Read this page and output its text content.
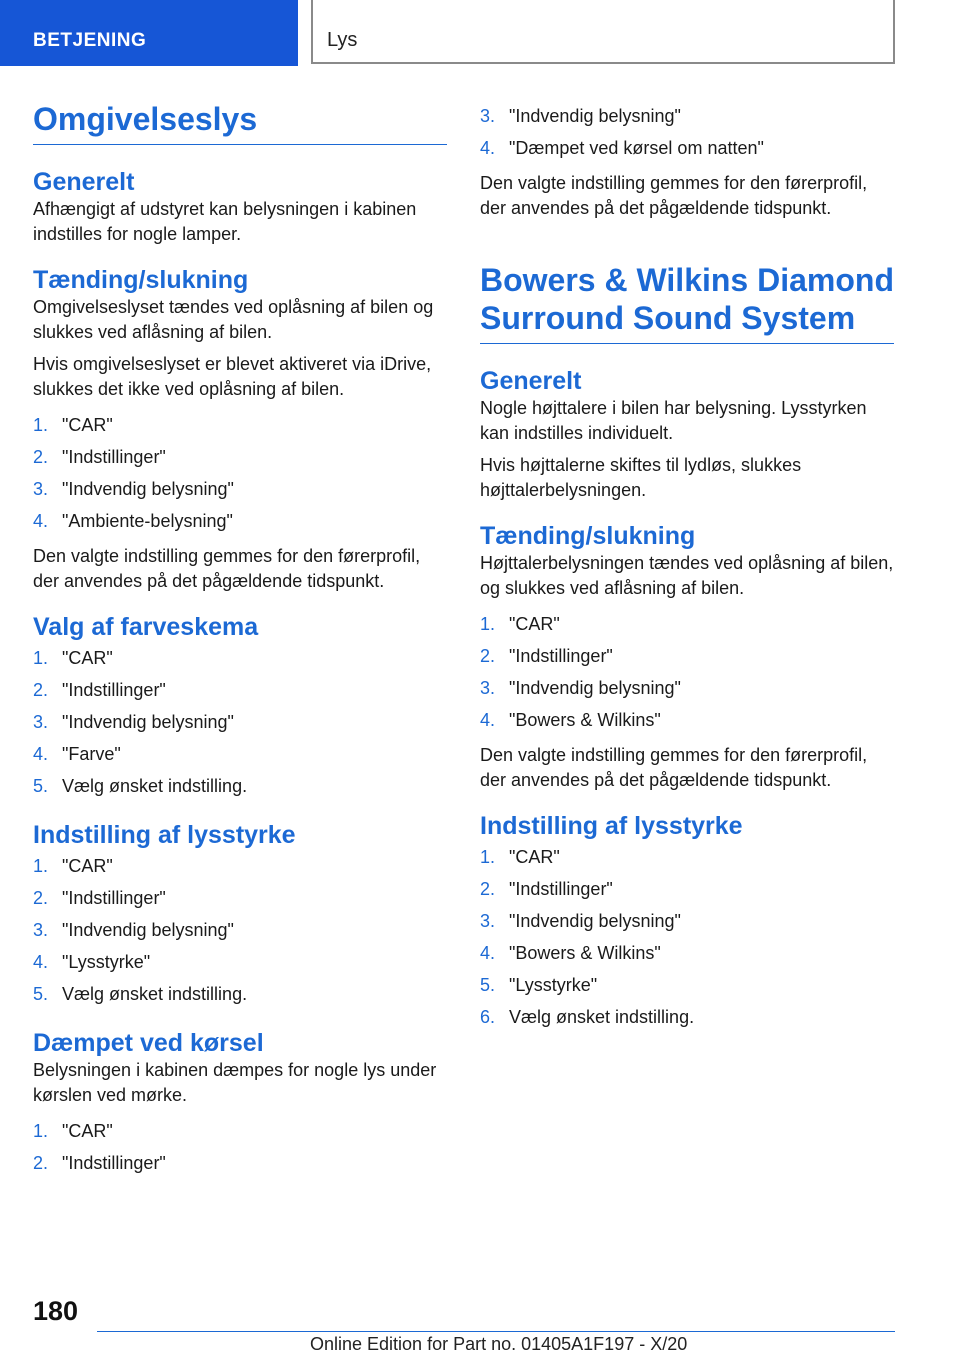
BETJENING	Lys
Omgivelseslys
Generelt

Afhængigt af udstyret kan belysningen i kabinen indstilles for nogle lamper.

Tænding/slukning

Omgivelseslyset tændes ved oplåsning af bilen og slukkes ved aflåsning af bilen.

Hvis omgivelseslyset er blevet aktiveret via iDrive, slukkes det ikke ved oplåsning af bilen.

1. "CAR"
2. "Indstillinger"
3. "Indvendig belysning"
4. "Ambiente-belysning"

Den valgte indstilling gemmes for den førerprofil, der anvendes på det pågældende tidspunkt.

Valg af farveskema
1. "CAR"
2. "Indstillinger"
3. "Indvendig belysning"
4. "Farve"
5. Vælg ønsket indstilling.
Indstilling af lysstyrke
1. "CAR"
2. "Indstillinger"
3. "Indvendig belysning"
4. "Lysstyrke"
5. Vælg ønsket indstilling.
Dæmpet ved kørsel

Belysningen i kabinen dæmpes for nogle lys under kørslen ved mørke.

1. "CAR"
2. "Indstillinger"
3. "Indvendig belysning"
4. "Dæmpet ved kørsel om natten"

Den valgte indstilling gemmes for den førerprofil, der anvendes på det pågældende tidspunkt.

Bowers & Wilkins Diamond Surround Sound System
Generelt

Nogle højttalere i bilen har belysning. Lysstyrken kan indstilles individuelt.

Hvis højttalerne skiftes til lydløs, slukkes højttalerbelysningen.

Tænding/slukning

Højttalerbelysningen tændes ved oplåsning af bilen, og slukkes ved aflåsning af bilen.

1. "CAR"
2. "Indstillinger"
3. "Indvendig belysning"
4. "Bowers & Wilkins"

Den valgte indstilling gemmes for den førerprofil, der anvendes på det pågældende tidspunkt.

Indstilling af lysstyrke
1. "CAR"
2. "Indstillinger"
3. "Indvendig belysning"
4. "Bowers & Wilkins"
5. "Lysstyrke"
6. Vælg ønsket indstilling.
180
Online Edition for Part no. 01405A1F197 - X/20
